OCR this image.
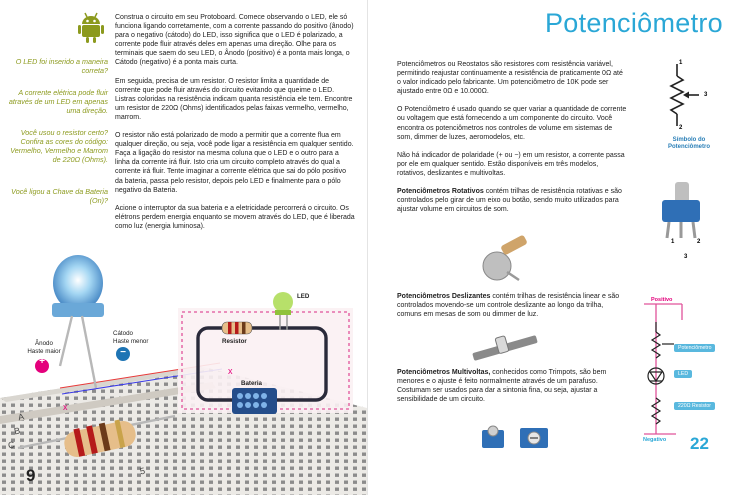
O LED foi inserido a maneira correta?
A corrente elétrica pode fluir através de um LED em apenas uma direção.
Você usou o resistor certo? Confira as cores do código: Vermelho, Vermelho e Marrom de 220Ω (Ohms).
Você ligou a Chave da Bateria (On)?

Construa o circuito em seu Protoboard. Comece observando o LED, ele só funciona ligando corretamente, com a corrente passando do positivo (ânodo) para o negativo (cátodo) do LED, isso significa que o LED é polarizado, a corrente pode fluir através deles em apenas uma direção. Olhe para os terminais que saem do seu LED, o Ânodo (positivo) é a ponta mais longa, o Cátodo (negativo) é a ponta mais curta.

Em seguida, precisa de um resistor. O resistor limita a quantidade de corrente que pode fluir através do circuito evitando que queime o LED. Listras coloridas na resistência indicam quanta resistência ele tem. Encontre um resistor de 220Ω (Ohms) identificados pelas faixas vermelho, vermelho, marrom.

O resistor não está polarizado de modo a permitir que a corrente flua em qualquer direção, ou seja, você pode ligar a resistência em qualquer sentido. Faça a ligação do resistor na mesma coluna que o LED e o outro para a linha da corrente irá fluir. Isto cria um circuito completo através do qual a corrente irá fluir. Tente imaginar a corrente elétrica que sai do pólo positivo da bateria, passa pelo resistor, depois pelo LED e finalmente para o pólo negativo da Bateria.

Acione o interruptor da sua bateria e a eletricidade percorrerá o circuito. Os elétrons perdem energia enquanto se movem através do LED, que é liberada como luz (energia luminosa).

x
x
Ânodo
Haste maior
Cátodo
Haste menor
+
−
LED
Resistor
Bateria
A
B
C
5
9
Potenciômetro

Potenciômetros ou Reostatos são resistores com resistência variável, permitindo reajustar continuamente a resistência de praticamente 0Ω até o valor indicado pelo fabricante. Um potenciômetro de 10K pode ser ajustado entre 0Ω e 10.000Ω.

O Potenciômetro é usado quando se quer variar a quantidade de corrente ou voltagem que está fornecendo a um componente do circuito. Você encontra os potenciômetros nos controles de volume em sistemas de som, dimmer de luzes, aeromodelos, etc.

Não há indicador de polaridade (+ ou −) em um resistor, a corrente passa por ele em qualquer sentido. Estão disponíveis em três modelos, rotativos, deslizantes e multivoltas.

Potenciômetros Rotativos contém trilhas de resistência rotativas e são controlados pelo girar de um eixo ou botão, sendo muito utilizados para ajustar volume em circuitos de som.

Potenciômetros Deslizantes contém trilhas de resistência linear e são controlados movendo-se um controle deslizante ao longo da trilha, comuns em mesas de som ou dimmer de luz.

Potenciômetros Multivoltas, conhecidos como Trimpots, são bem menores e o ajuste é feito normalmente através de um parafuso. Costumam ser usados para dar a sintonia fina, ou seja, ajustar a sensibilidade de um circuito.

1
2
3
Símbolo do Potenciômetro
1	2
3
Positivo
Negativo
Potenciômetro
LED
220Ω Resistor
22
